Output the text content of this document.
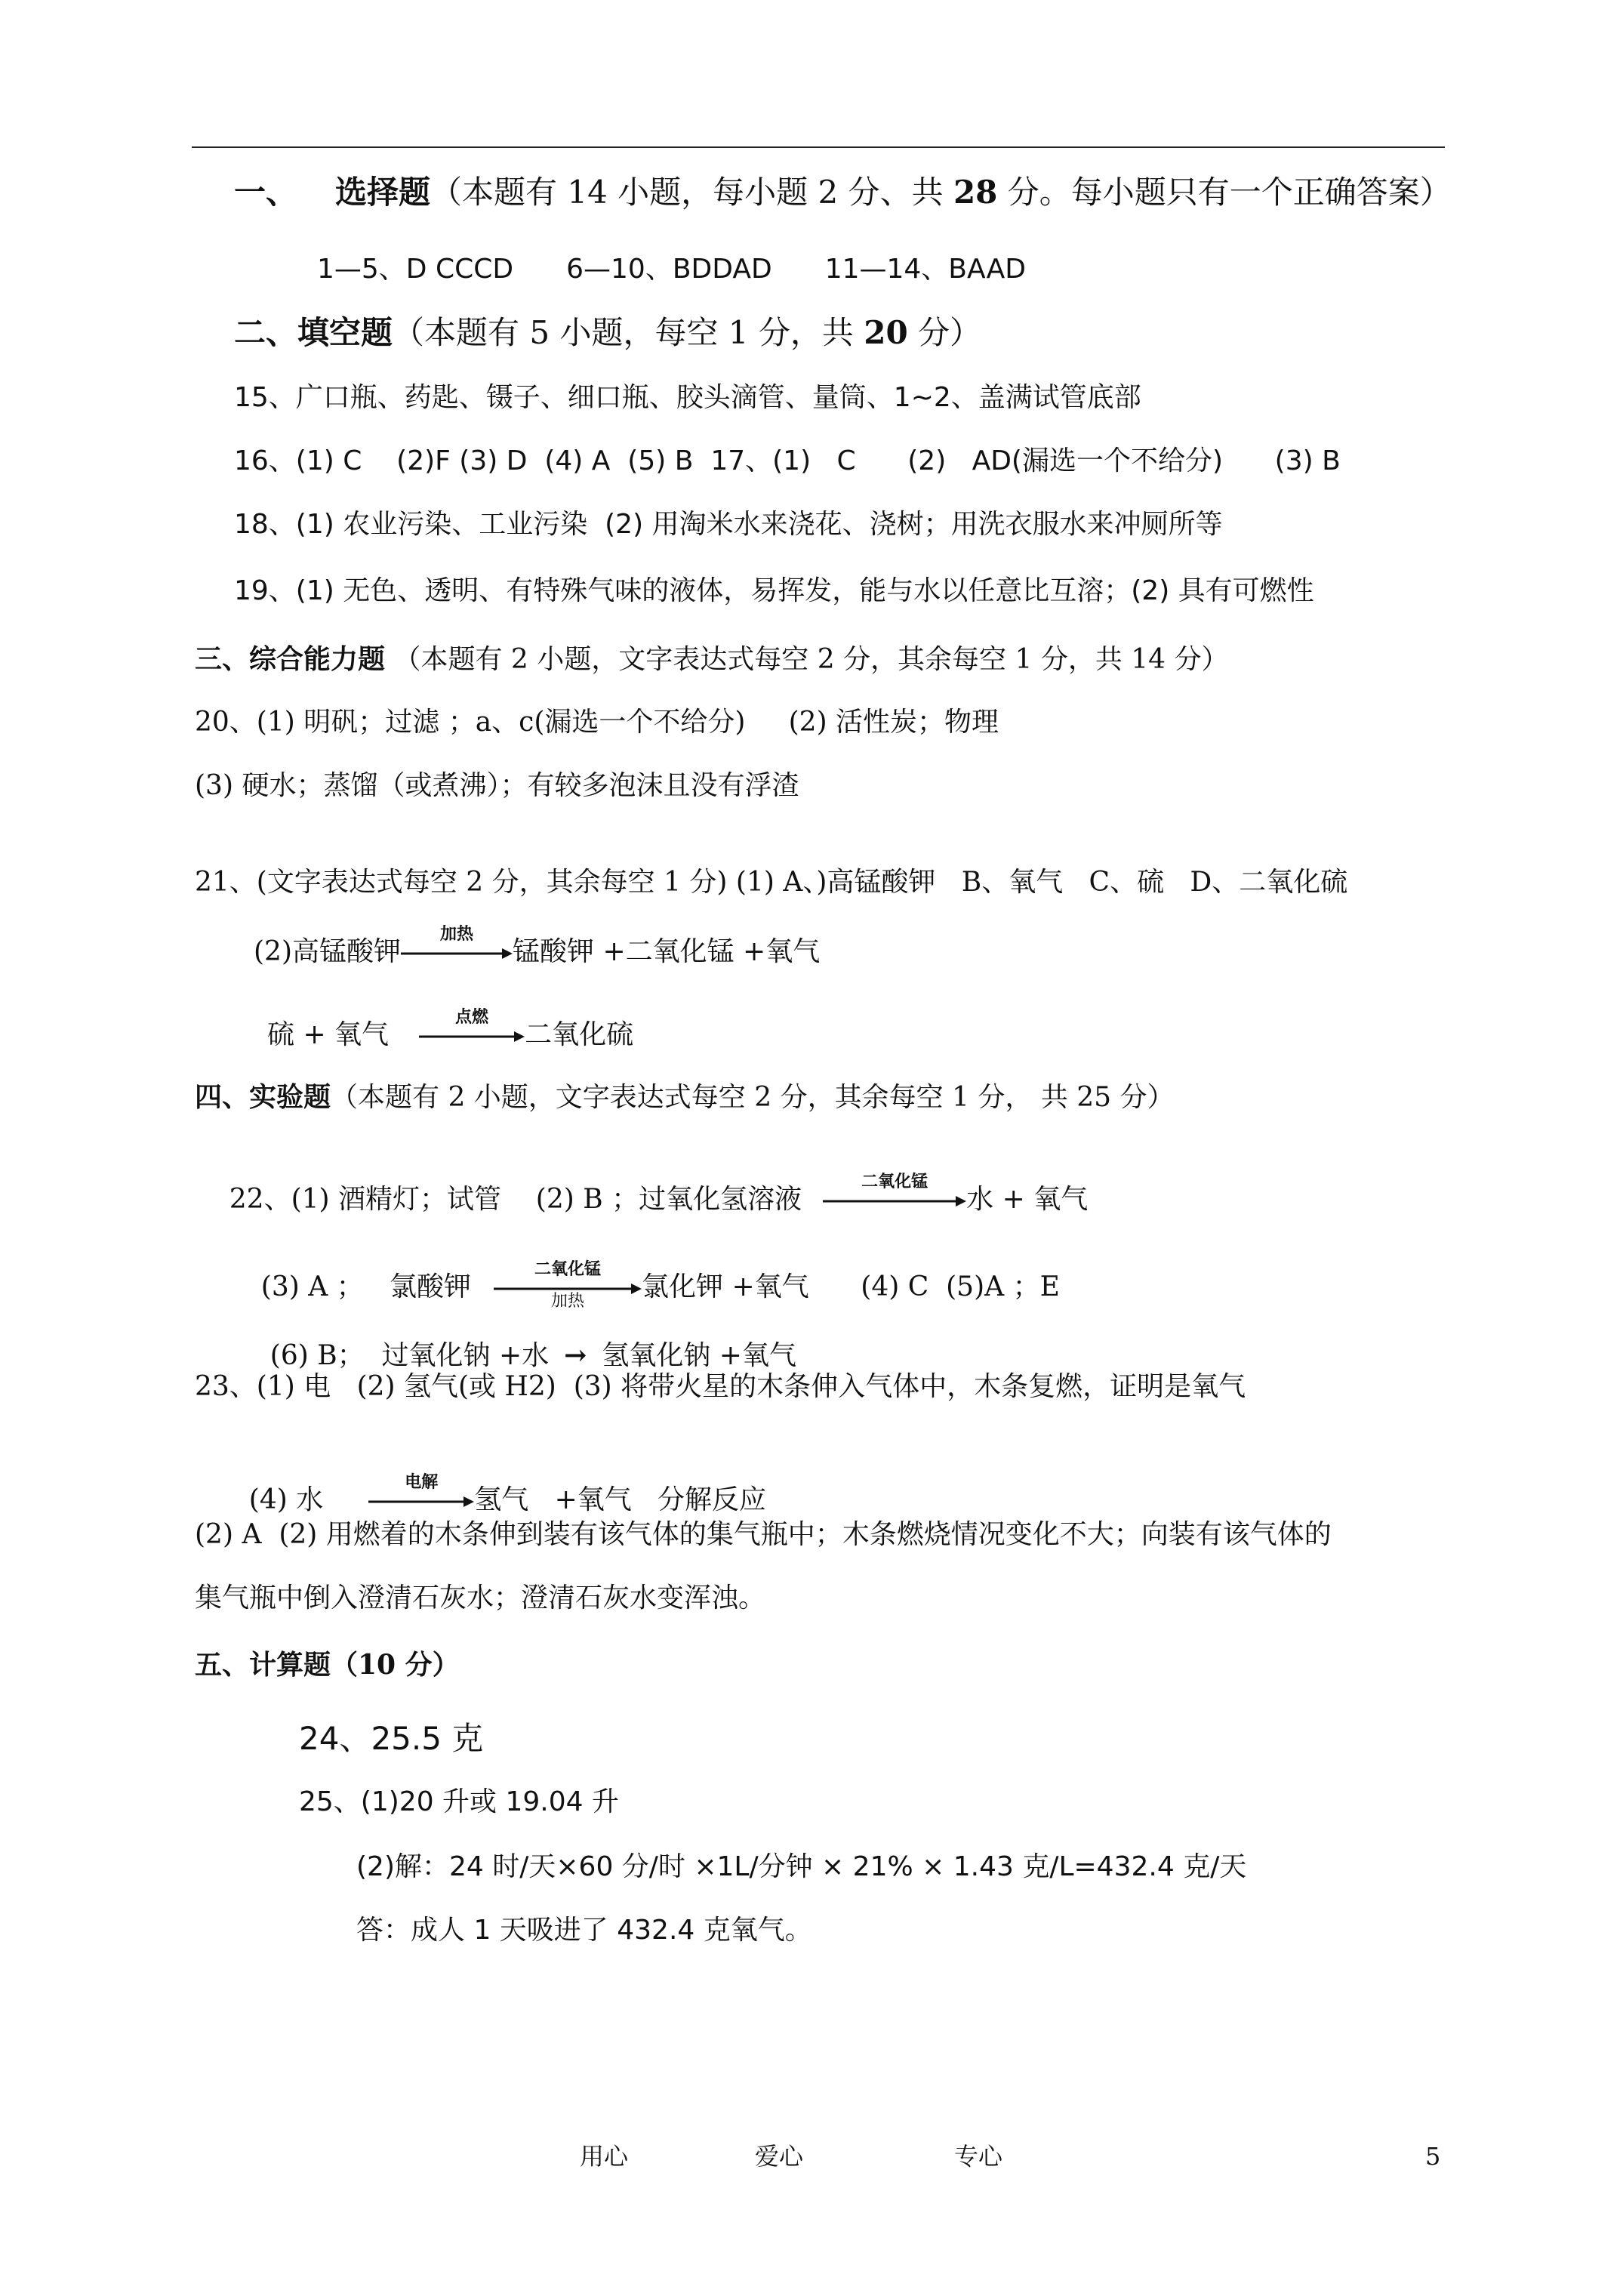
一、 选择题（本题有 14 小题，每小题 2 分、共 28 分。每小题只有一个正确答案）
1—5、D CCCD 6—10、BDDAD 11—14、BAAD
二、填空题（本题有 5 小题，每空 1 分，共 20 分）
15、广口瓶、药匙、镊子、细口瓶、胶头滴管、量筒、1~2、盖满试管底部
16、(1) C    (2)F (3) D  (4) A  (5) B  17、(1)   C      (2)   AD(漏选一个不给分)      (3) B
18、(1) 农业污染、工业污染  (2) 用淘米水来浇花、浇树；用洗衣服水来冲厕所等
19、(1) 无色、透明、有特殊气味的液体，易挥发，能与水以任意比互溶；(2) 具有可燃性
三、综合能力题 （本题有 2 小题，文字表达式每空 2 分，其余每空 1 分，共 14 分）
20、(1) 明矾；过滤 ；a、c(漏选一个不给分)     (2) 活性炭；物理
(3) 硬水；蒸馏（或煮沸）；有较多泡沫且没有浮渣
21、(文字表达式每空 2 分，其余每空 1 分) (1) A、)高锰酸钾   B、氧气   C、硫   D、二氧化硫
(2)高锰酸钾
加热
锰酸钾 +二氧化锰 +氧气
硫 + 氧气
点燃
二氧化硫
四、实验题（本题有 2 小题，文字表达式每空 2 分，其余每空 1 分， 共 25 分）

22、(1) 酒精灯；试管    (2) B ；过氧化氢溶液
二氧化锰
水 + 氧气

(3) A ；   氯酸钾
二氧化锰
加热	氯化钾 +氧气      (4) C  (5)A ；E

(6) B；  过氧化钠 +水 → 氢氧化钠 +氧气

23、(1) 电   (2) 氢气(或 H2)  (3) 将带火星的木条伸入气体中，木条复燃，证明是氧气

(4) 水
电解
氢气   +氧气   分解反应

(2) A  (2) 用燃着的木条伸到装有该气体的集气瓶中；木条燃烧情况变化不大；向装有该气体的
集气瓶中倒入澄清石灰水；澄清石灰水变浑浊。
五、计算题（10 分）
24、25.5 克
25、(1)20 升或 19.04 升
(2)解：24 时/天×60 分/时 ×1L/分钟 × 21% × 1.43 克/L=432.4 克/天
答：成人 1 天吸进了 432.4 克氧气。
用心	爱心	专心	5
